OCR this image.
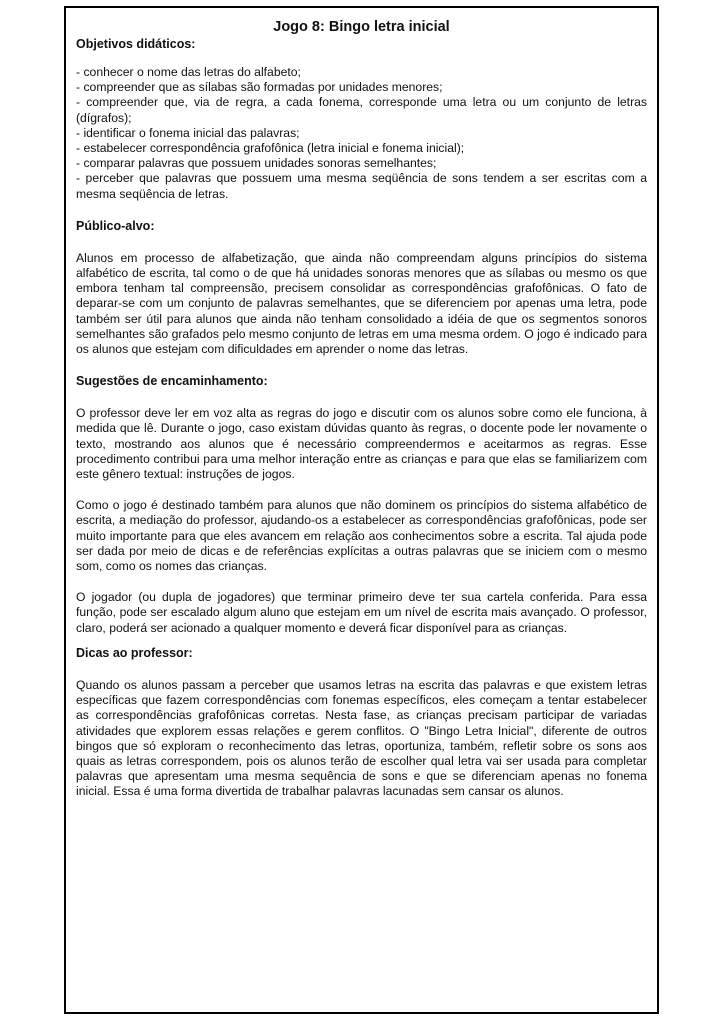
Jogo 8: Bingo letra inicial
Objetivos didáticos:
- conhecer o nome das letras do alfabeto;
- compreender que as sílabas são formadas por unidades menores;
- compreender que, via de regra, a cada fonema, corresponde uma letra ou um conjunto de letras (dígrafos);
- identificar o fonema inicial das palavras;
- estabelecer correspondência grafofônica (letra inicial e fonema inicial);
- comparar palavras que possuem unidades sonoras semelhantes;
- perceber que palavras que possuem uma mesma seqüência de sons tendem a ser escritas com a mesma seqüência de letras.
Público-alvo:

Alunos em processo de alfabetização, que ainda não compreendam alguns princípios do sistema alfabético de escrita, tal como o de que há unidades sonoras menores que as sílabas ou mesmo os que embora tenham tal compreensão, precisem consolidar as correspondências grafofônicas. O fato de deparar-se com um conjunto de palavras semelhantes, que se diferenciem por apenas uma letra, pode também ser útil para alunos que ainda não tenham consolidado a idéia de que os segmentos sonoros semelhantes são grafados pelo mesmo conjunto de letras em uma mesma ordem. O jogo é indicado para os alunos que estejam com dificuldades em aprender o nome das letras.

Sugestões de encaminhamento:

O professor deve ler em voz alta as regras do jogo e discutir com os alunos sobre como ele funciona, à medida que lê. Durante o jogo, caso existam dúvidas quanto às regras, o docente pode ler novamente o texto, mostrando aos alunos que é necessário compreendermos e aceitarmos as regras. Esse procedimento contribui para uma melhor interação entre as crianças e para que elas se familiarizem com este gênero textual: instruções de jogos.

Como o jogo é destinado também para alunos que não dominem os princípios do sistema alfabético de escrita, a mediação do professor, ajudando-os a estabelecer as correspondências grafofônicas, pode ser muito importante para que eles avancem em relação aos conhecimentos sobre a escrita. Tal ajuda pode ser dada por meio de dicas e de referências explícitas a outras palavras que se iniciem com o mesmo som, como os nomes das crianças.

O jogador (ou dupla de jogadores) que terminar primeiro deve ter sua cartela conferida. Para essa função, pode ser escalado algum aluno que estejam em um nível de escrita mais avançado. O professor, claro, poderá ser acionado a qualquer momento e deverá ficar disponível para as crianças.

Dicas ao professor:

Quando os alunos passam a perceber que usamos letras na escrita das palavras e que existem letras específicas que fazem correspondências com fonemas específicos, eles começam a tentar estabelecer as correspondências grafofônicas corretas. Nesta fase, as crianças precisam participar de variadas atividades que explorem essas relações e gerem conflitos. O "Bingo Letra Inicial", diferente de outros bingos que só exploram o reconhecimento das letras, oportuniza, também, refletir sobre os sons aos quais as letras correspondem, pois os alunos terão de escolher qual letra vai ser usada para completar palavras que apresentam uma mesma sequência de sons e que se diferenciam apenas no fonema inicial. Essa é uma forma divertida de trabalhar palavras lacunadas sem cansar os alunos.
